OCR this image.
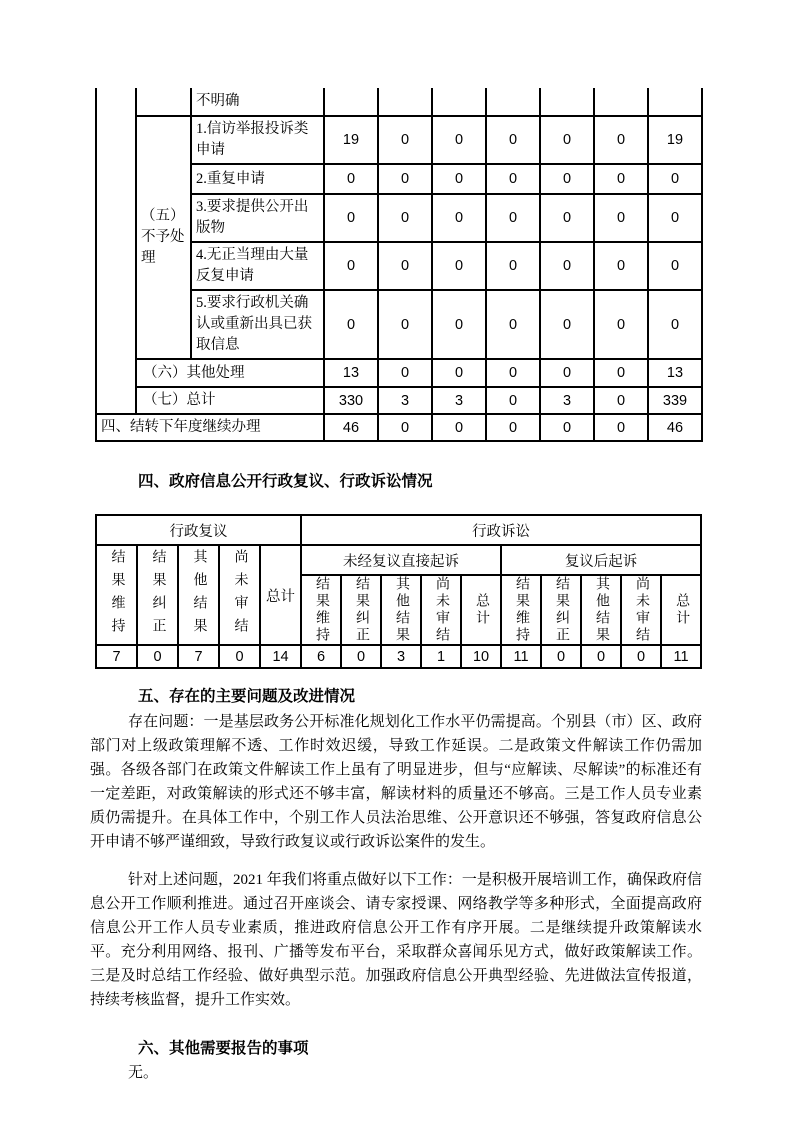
		不明确							
	（五）不予处理	1.信访举报投诉类申请	19	0	0	0	0	0	19
		2.重复申请	0	0	0	0	0	0	0
		3.要求提供公开出版物	0	0	0	0	0	0	0
		4.无正当理由大量反复申请	0	0	0	0	0	0	0
		5.要求行政机关确认或重新出具已获取信息	0	0	0	0	0	0	0
	（六）其他处理		13	0	0	0	0	0	13
	（七）总计		330	3	3	0	3	0	339
四、结转下年度继续办理			46	0	0	0	0	0	46
四、政府信息公开行政复议、行政诉讼情况
行政复议					行政诉讼									

结果维持	结果纠正	其他结果	尚未审结	总计	未经复议直接起诉					复议后起诉				

					结果维持	结果纠正	其他结果	尚未审结	总计	结果维持	结果纠正	其他结果	尚未审结	总计

7	0	7	0	14	6	0	3	1	10	11	0	0	0	11
五、存在的主要问题及改进情况

存在问题：一是基层政务公开标准化规划化工作水平仍需提高。个别县（市）区、政府部门对上级政策理解不透、工作时效迟缓，导致工作延误。二是政策文件解读工作仍需加强。各级各部门在政策文件解读工作上虽有了明显进步，但与“应解读、尽解读”的标准还有一定差距，对政策解读的形式还不够丰富，解读材料的质量还不够高。三是工作人员专业素质仍需提升。在具体工作中，个别工作人员法治思维、公开意识还不够强，答复政府信息公开申请不够严谨细致，导致行政复议或行政诉讼案件的发生。

针对上述问题，2021 年我们将重点做好以下工作：一是积极开展培训工作，确保政府信息公开工作顺利推进。通过召开座谈会、请专家授课、网络教学等多种形式，全面提高政府信息公开工作人员专业素质，推进政府信息公开工作有序开展。二是继续提升政策解读水平。充分利用网络、报刊、广播等发布平台，采取群众喜闻乐见方式，做好政策解读工作。三是及时总结工作经验、做好典型示范。加强政府信息公开典型经验、先进做法宣传报道，持续考核监督，提升工作实效。

六、其他需要报告的事项

无。
